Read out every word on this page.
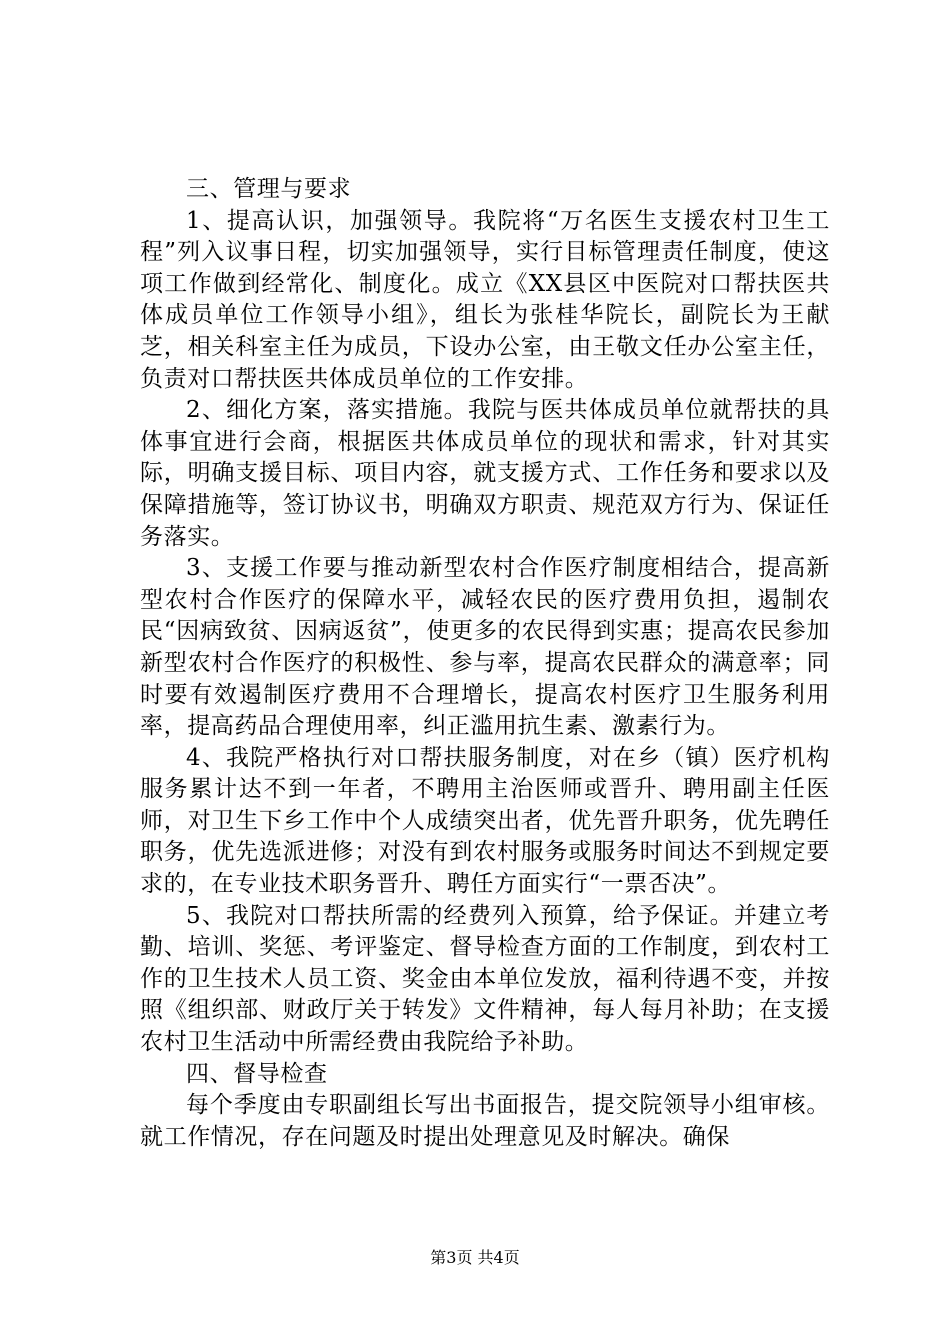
三、管理与要求

1、提高认识，加强领导。我院将“万名医生支援农村卫生工程”列入议事日程，切实加强领导，实行目标管理责任制度，使这项工作做到经常化、制度化。成立《XX县区中医院对口帮扶医共体成员单位工作领导小组》，组长为张桂华院长，副院长为王献芝，相关科室主任为成员，下设办公室，由王敬文任办公室主任，负责对口帮扶医共体成员单位的工作安排。

2、细化方案，落实措施。我院与医共体成员单位就帮扶的具体事宜进行会商，根据医共体成员单位的现状和需求，针对其实际，明确支援目标、项目内容，就支援方式、工作任务和要求以及保障措施等，签订协议书，明确双方职责、规范双方行为、保证任务落实。

3、支援工作要与推动新型农村合作医疗制度相结合，提高新型农村合作医疗的保障水平，减轻农民的医疗费用负担，遏制农民“因病致贫、因病返贫”，使更多的农民得到实惠；提高农民参加新型农村合作医疗的积极性、参与率，提高农民群众的满意率；同时要有效遏制医疗费用不合理增长，提高农村医疗卫生服务利用率，提高药品合理使用率，纠正滥用抗生素、激素行为。

4、我院严格执行对口帮扶服务制度，对在乡（镇）医疗机构服务累计达不到一年者，不聘用主治医师或晋升、聘用副主任医师，对卫生下乡工作中个人成绩突出者，优先晋升职务，优先聘任职务，优先选派进修；对没有到农村服务或服务时间达不到规定要求的，在专业技术职务晋升、聘任方面实行“一票否决”。

5、我院对口帮扶所需的经费列入预算，给予保证。并建立考勤、培训、奖惩、考评鉴定、督导检查方面的工作制度，到农村工作的卫生技术人员工资、奖金由本单位发放，福利待遇不变，并按照《组织部、财政厅关于转发》文件精神，每人每月补助；在支援农村卫生活动中所需经费由我院给予补助。

四、督导检查

每个季度由专职副组长写出书面报告，提交院领导小组审核。就工作情况，存在问题及时提出处理意见及时解决。确保

第3页 共4页
